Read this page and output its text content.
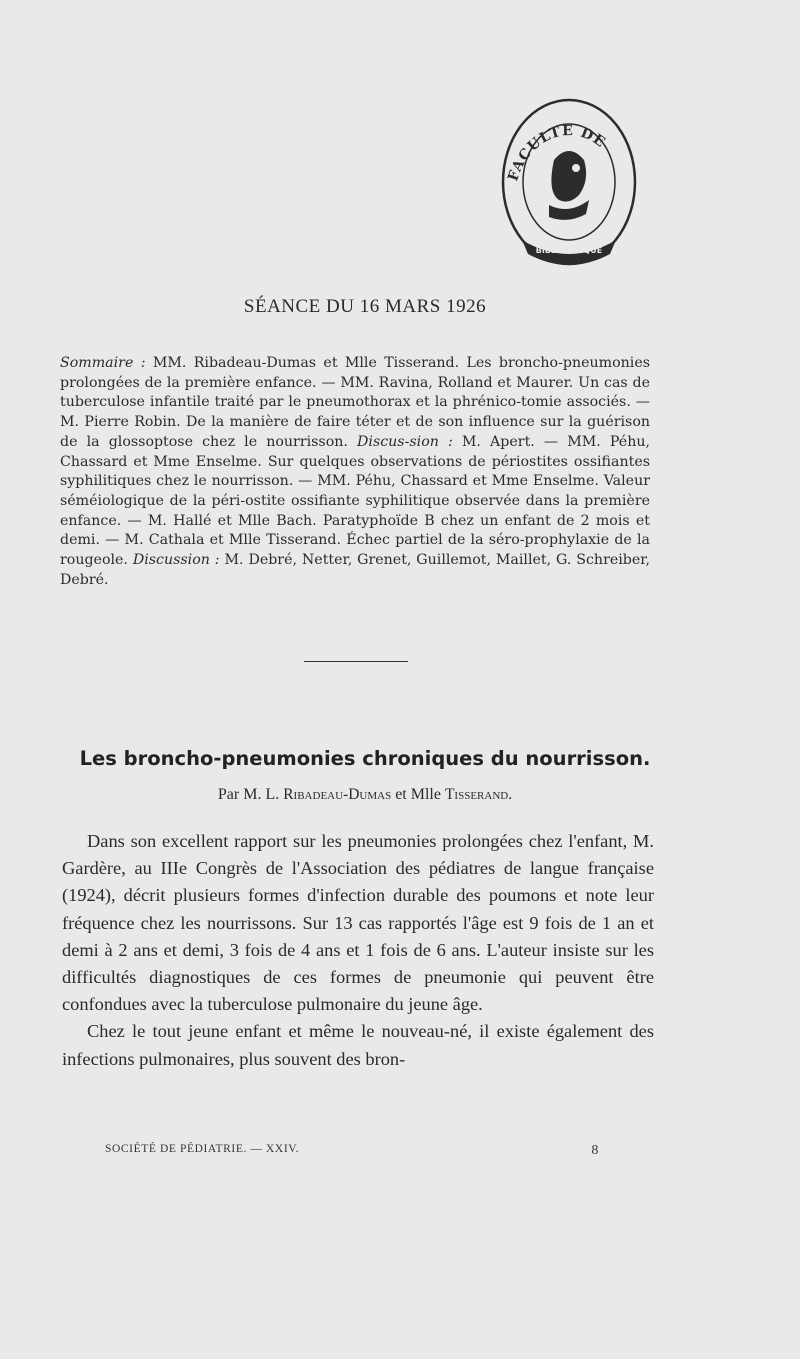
FACULTE DE
BIBLIOTHEQUE
SÉANCE DU 16 MARS 1926
Sommaire : MM. Ribadeau-Dumas et Mlle Tisserand. Les broncho-pneumonies prolongées de la première enfance. — MM. Ravina, Rolland et Maurer. Un cas de tuberculose infantile traité par le pneumothorax et la phrénico-tomie associés. — M. Pierre Robin. De la manière de faire téter et de son influence sur la guérison de la glossoptose chez le nourrisson. Discus-sion : M. Apert. — MM. Péhu, Chassard et Mme Enselme. Sur quelques observations de périostites ossifiantes syphilitiques chez le nourrisson. — MM. Péhu, Chassard et Mme Enselme. Valeur séméiologique de la péri-ostite ossifiante syphilitique observée dans la première enfance. — M. Hallé et Mlle Bach. Paratyphoïde B chez un enfant de 2 mois et demi. — M. Cathala et Mlle Tisserand. Échec partiel de la séro-prophylaxie de la rougeole. Discussion : M. Debré, Netter, Grenet, Guillemot, Maillet, G. Schreiber, Debré.
Les broncho-pneumonies chroniques du nourrisson.
Par M. L. Ribadeau-Dumas et Mlle Tisserand.

Dans son excellent rapport sur les pneumonies prolongées chez l'enfant, M. Gardère, au IIIe Congrès de l'Association des pédiatres de langue française (1924), décrit plusieurs formes d'infection durable des poumons et note leur fréquence chez les nourrissons. Sur 13 cas rapportés l'âge est 9 fois de 1 an et demi à 2 ans et demi, 3 fois de 4 ans et 1 fois de 6 ans. L'auteur insiste sur les difficultés diagnostiques de ces formes de pneumonie qui peuvent être confondues avec la tuberculose pulmonaire du jeune âge.

Chez le tout jeune enfant et même le nouveau-né, il existe également des infections pulmonaires, plus souvent des bron-

SOCIÉTÉ DE PÉDIATRIE. — XXIV.	8
